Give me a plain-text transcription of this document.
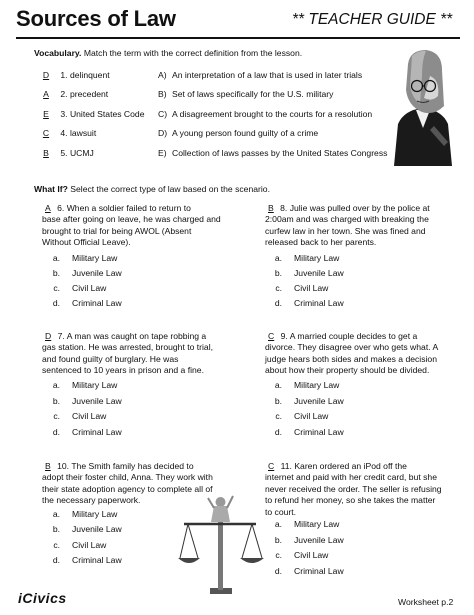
Sources of Law	** TEACHER GUIDE **
Vocabulary. Match the term with the correct definition from the lesson.
D 1. delinquent	A) An interpretation of a law that is used in later trials
A 2. precedent	B) Set of laws specifically for the U.S. military
E 3. United States Code C) A disagreement brought to the courts for a resolution
C 4. lawsuit	D) A young person found guilty of a crime
B 5. UCMJ	E) Collection of laws passes by the United States Congress
What If? Select the correct type of law based on the scenario.
A 6. When a soldier failed to return to
base after going on leave, he was charged and
brought to trial for being AWOL (Absent
Without Official Leave).
a. Military Law
b. Juvenile Law
c. Civil Law
d. Criminal Law
B 8. Julie was pulled over by the police at
2:00am and was charged with breaking the
curfew law in her town. She was fined and
released back to her parents.
a. Military Law
b. Juvenile Law
c. Civil Law
d. Criminal Law
D 7. A man was caught on tape robbing a
gas station. He was arrested, brought to trial,
and found guilty of burglary. He was
sentenced to 10 years in prison and a fine.
a. Military Law
b. Juvenile Law
c. Civil Law
d. Criminal Law
C 9. A married couple decides to get a
divorce. They disagree over who gets what. A
judge hears both sides and makes a decision
about how their property should be divided.
a. Military Law
b. Juvenile Law
c. Civil Law
d. Criminal Law
B 10. The Smith family has decided to
adopt their foster child, Anna. They work with
their state adoption agency to complete all of
the necessary paperwork.
a. Military Law
b. Juvenile Law
c. Civil Law
d. Criminal Law
C 11. Karen ordered an iPod off the
internet and paid with her credit card, but she
never received the order. The seller is refusing
to refund her money, so she takes the matter
to court.
a. Military Law
b. Juvenile Law
c. Civil Law
d. Criminal Law
iCivics	Worksheet p.2
